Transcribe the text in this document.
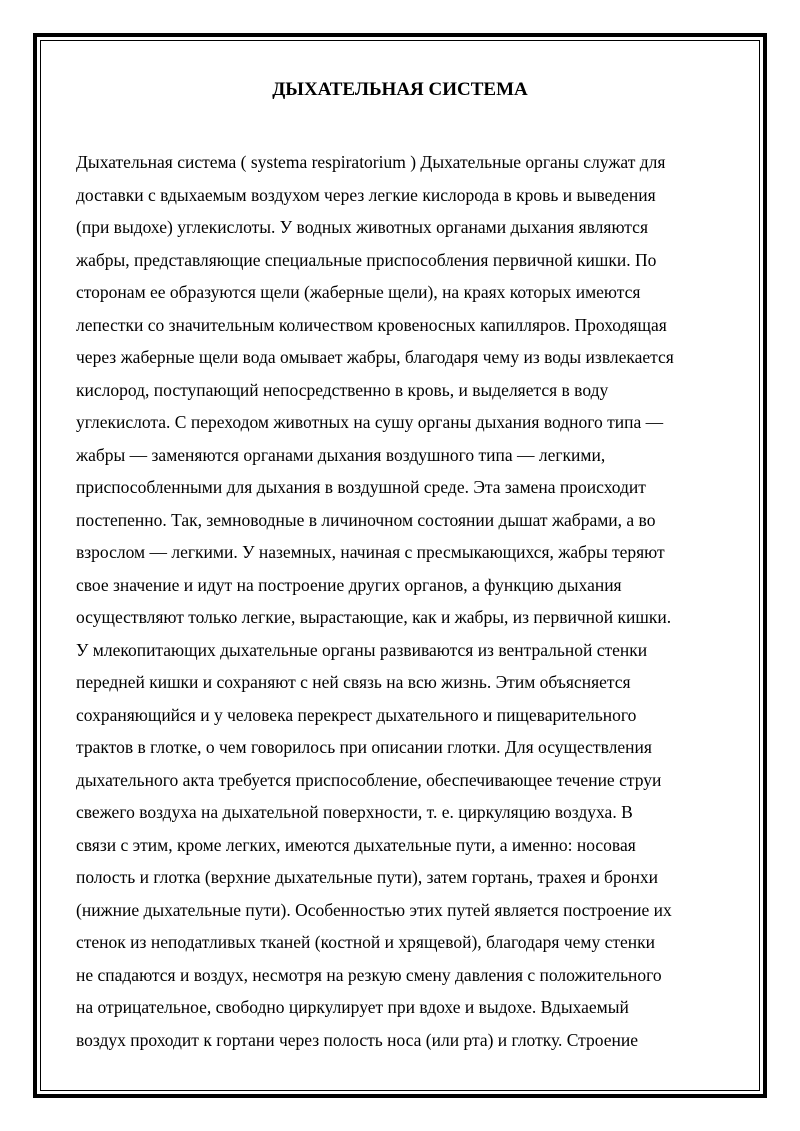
ДЫХАТЕЛЬНАЯ СИСТЕМА
Дыхательная система ( systema respiratorium ) Дыхательные органы служат для
доставки с вдыхаемым воздухом через легкие кислорода в кровь и выведения
(при выдохе) углекислоты. У водных животных органами дыхания являются
жабры, представляющие специальные приспособления первичной кишки. По
сторонам ее образуются щели (жаберные щели), на краях которых имеются
лепестки со значительным количеством кровеносных капилляров. Проходящая
через жаберные щели вода омывает жабры, благодаря чему из воды извлекается
кислород, поступающий непосредственно в кровь, и выделяется в воду
углекислота. С переходом животных на сушу органы дыхания водного типа —
жабры — заменяются органами дыхания воздушного типа — легкими,
приспособленными для дыхания в воздушной среде. Эта замена происходит
постепенно. Так, земноводные в личиночном состоянии дышат жабрами, а во
взрослом — легкими. У наземных, начиная с пресмыкающихся, жабры теряют
свое значение и идут на построение других органов, а функцию дыхания
осуществляют только легкие, вырастающие, как и жабры, из первичной кишки.
У млекопитающих дыхательные органы развиваются из вентральной стенки
передней кишки и сохраняют с ней связь на всю жизнь. Этим объясняется
сохраняющийся и у человека перекрест дыхательного и пищеварительного
трактов в глотке, о чем говорилось при описании глотки. Для осуществления
дыхательного акта требуется приспособление, обеспечивающее течение струи
свежего воздуха на дыхательной поверхности, т. е. циркуляцию воздуха. В
связи с этим, кроме легких, имеются дыхательные пути, а именно: носовая
полость и глотка (верхние дыхательные пути), затем гортань, трахея и бронхи
(нижние дыхательные пути). Особенностью этих путей является построение их
стенок из неподатливых тканей (костной и хрящевой), благодаря чему стенки
не спадаются и воздух, несмотря на резкую смену давления с положительного
на отрицательное, свободно циркулирует при вдохе и выдохе. Вдыхаемый
воздух проходит к гортани через полость носа (или рта) и глотку. Строение
